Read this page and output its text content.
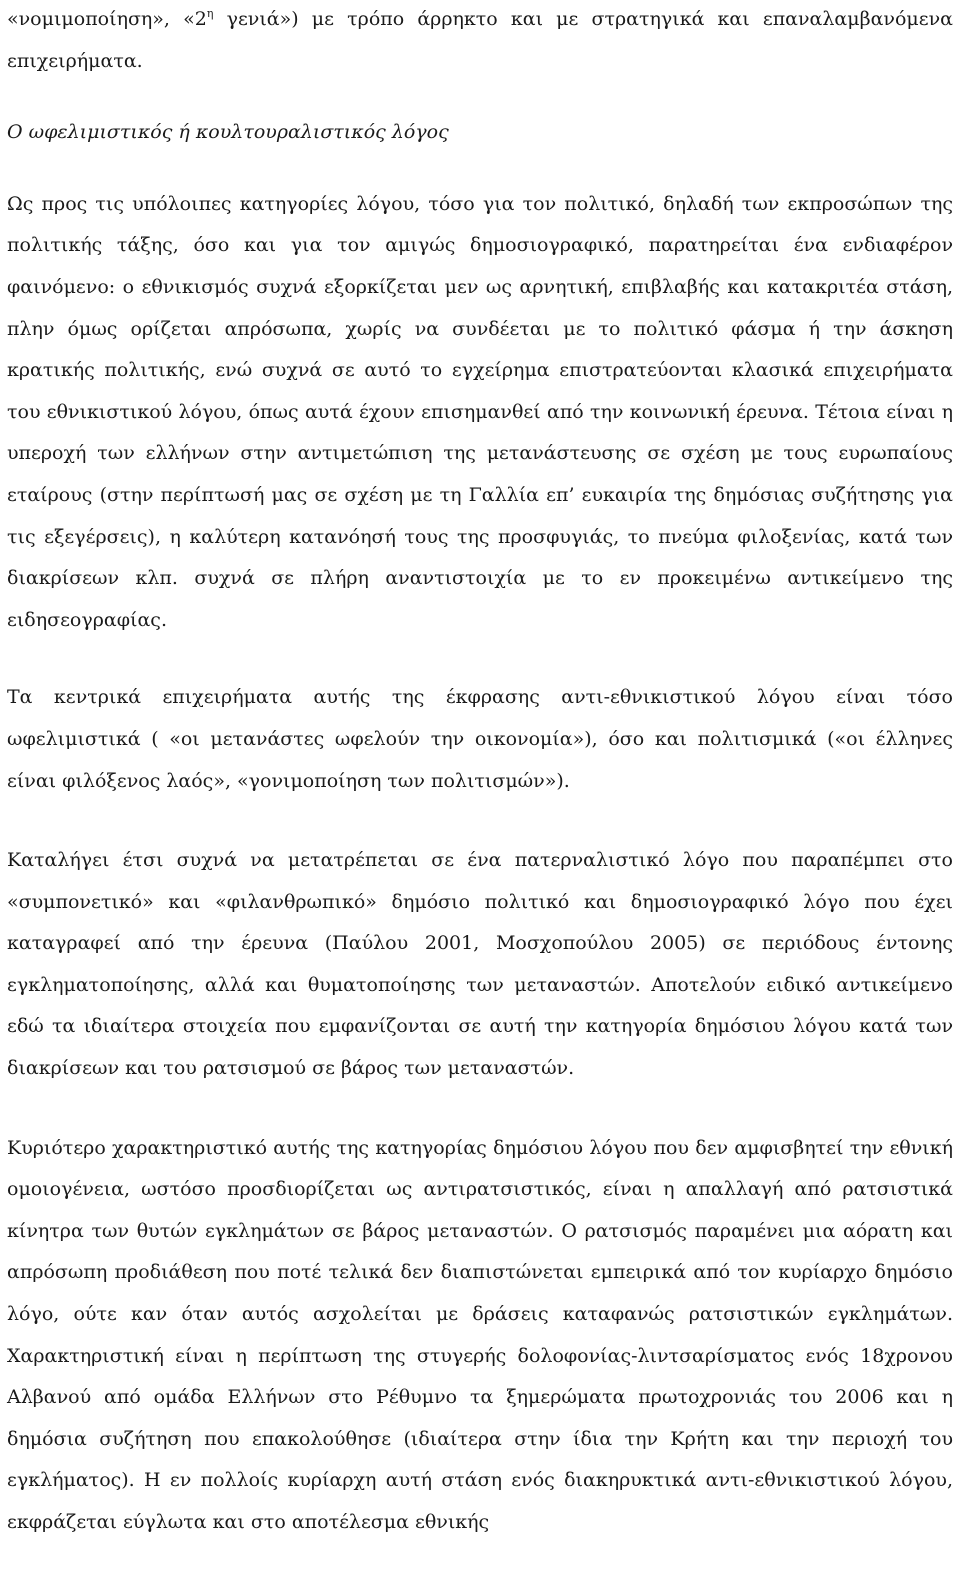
«νομιμοποίηση», «$2^\eta$ γενιά») με τρόπο άρρηκτο και με στρατηγικά και επαναλαμβανόμενα επιχειρήματα.

Ο ωφελιμιστικός ή κουλτουραλιστικός λόγος

Ως προς τις υπόλοιπες κατηγορίες λόγου, τόσο για τον πολιτικό, δηλαδή των εκπροσώπων της πολιτικής τάξης, όσο και για τον αμιγώς δημοσιογραφικό, παρατηρείται ένα ενδιαφέρον φαινόμενο: ο εθνικισμός συχνά εξορκίζεται μεν ως αρνητική, επιβλαβής και κατακριτέα στάση, πλην όμως ορίζεται απρόσωπα, χωρίς να συνδέεται με το πολιτικό φάσμα ή την άσκηση κρατικής πολιτικής, ενώ συχνά σε αυτό το εγχείρημα επιστρατεύονται κλασικά επιχειρήματα του εθνικιστικού λόγου, όπως αυτά έχουν επισημανθεί από την κοινωνική έρευνα. Τέτοια είναι η υπεροχή των ελλήνων στην αντιμετώπιση της μετανάστευσης σε σχέση με τους ευρωπαίους εταίρους (στην περίπτωσή μας σε σχέση με τη Γαλλία επ’ ευκαιρία της δημόσιας συζήτησης για τις εξεγέρσεις), η καλύτερη κατανόησή τους της προσφυγιάς, το πνεύμα φιλοξενίας, κατά των διακρίσεων κλπ. συχνά σε πλήρη αναντιστοιχία με το εν προκειμένω αντικείμενο της ειδησεογραφίας.

Τα κεντρικά επιχειρήματα αυτής της έκφρασης αντι-εθνικιστικού λόγου είναι τόσο ωφελιμιστικά ( «οι μετανάστες ωφελούν την οικονομία»), όσο και πολιτισμικά («οι έλληνες είναι φιλόξενος λαός», «γονιμοποίηση των πολιτισμών»).

Καταλήγει έτσι συχνά να μετατρέπεται σε ένα πατερναλιστικό λόγο που παραπέμπει στο «συμπονετικό» και «φιλανθρωπικό» δημόσιο πολιτικό και δημοσιογραφικό λόγο που έχει καταγραφεί από την έρευνα (Παύλου 2001, Μοσχοπούλου 2005) σε περιόδους έντονης εγκληματοποίησης, αλλά και θυματοποίησης των μεταναστών. Αποτελούν ειδικό αντικείμενο εδώ τα ιδιαίτερα στοιχεία που εμφανίζονται σε αυτή την κατηγορία δημόσιου λόγου κατά των διακρίσεων και του ρατσισμού σε βάρος των μεταναστών.

Κυριότερο χαρακτηριστικό αυτής της κατηγορίας δημόσιου λόγου που δεν αμφισβητεί την εθνική ομοιογένεια, ωστόσο προσδιορίζεται ως αντιρατσιστικός, είναι η απαλλαγή από ρατσιστικά κίνητρα των θυτών εγκλημάτων σε βάρος μεταναστών. Ο ρατσισμός παραμένει μια αόρατη και απρόσωπη προδιάθεση που ποτέ τελικά δεν διαπιστώνεται εμπειρικά από τον κυρίαρχο δημόσιο λόγο, ούτε καν όταν αυτός ασχολείται με δράσεις καταφανώς ρατσιστικών εγκλημάτων. Χαρακτηριστική είναι η περίπτωση της στυγερής δολοφονίας-λιντσαρίσματος ενός 18χρονου Αλβανού από ομάδα Ελλήνων στο Ρέθυμνο τα ξημερώματα πρωτοχρονιάς του 2006 και η δημόσια συζήτηση που επακολούθησε (ιδιαίτερα στην ίδια την Κρήτη και την περιοχή του εγκλήματος). Η εν πολλοίς κυρίαρχη αυτή στάση ενός διακηρυκτικά αντι-εθνικιστικού λόγου, εκφράζεται εύγλωτα και στο αποτέλεσμα εθνικής
